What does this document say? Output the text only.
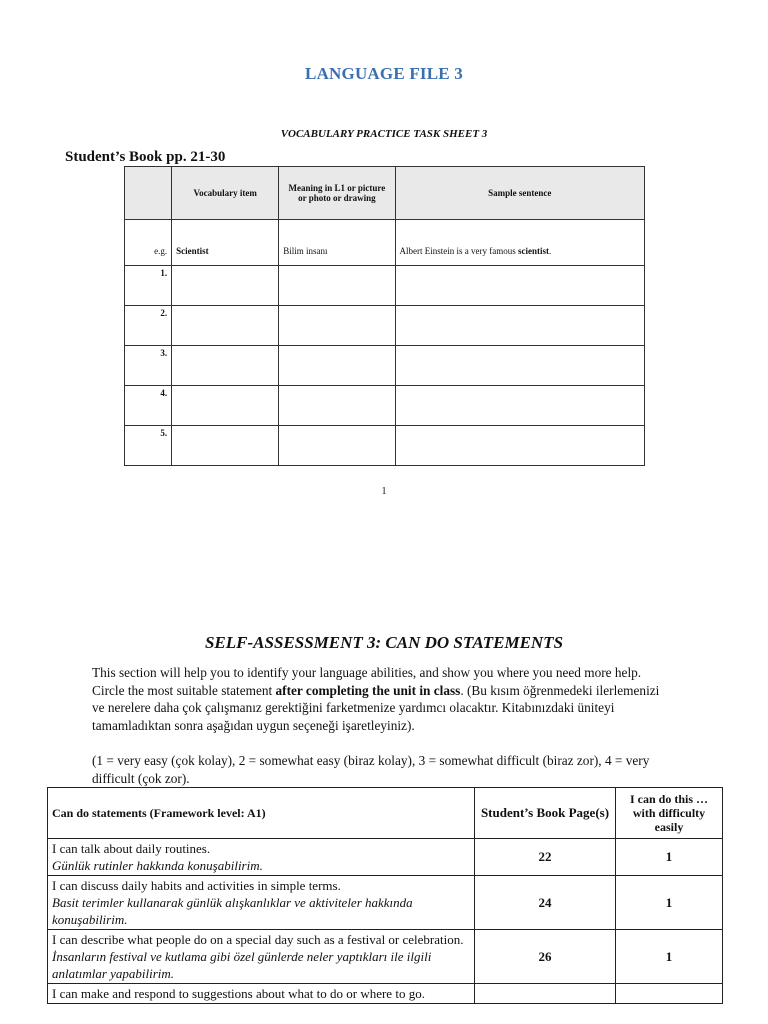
LANGUAGE FILE 3
VOCABULARY PRACTICE TASK SHEET 3
Student’s Book pp. 21-30
	Vocabulary item	Meaning in L1 or picture or photo or drawing	Sample sentence
e.g.	Scientist	Bilim insanı	Albert Einstein is a very famous scientist.
1.			
2.			
3.			
4.			
5.			
1
SELF-ASSESSMENT 3: CAN DO STATEMENTS
This section will help you to identify your language abilities, and show you where you need more help. Circle the most suitable statement after completing the unit in class. (Bu kısım öğrenmedeki ilerlemenizi ve nerelere daha çok çalışmanız gerektiğini farketmenize yardımcı olacaktır. Kitabınızdaki üniteyi tamamladıktan sonra aşağıdan uygun seçeneği işaretleyiniz).
(1 = very easy (çok kolay), 2 = somewhat easy (biraz kolay), 3 = somewhat difficult (biraz zor), 4 = very difficult (çok zor).
Can do statements (Framework level: A1)	Student’s Book Page(s)	I can do this … with difficulty easily

I can talk about daily routines.
Günlük rutinler hakkında konuşabilirim.	22	1

I can discuss daily habits and activities in simple terms.
Basit terimler kullanarak günlük alışkanlıklar ve aktiviteler hakkında konuşabilirim.	24	1

I can describe what people do on a special day such as a festival or celebration.
İnsanların festival ve kutlama gibi özel günlerde neler yaptıkları ile ilgili anlatımlar yapabilirim.	26	1

I can make and respond to suggestions about what to do or where to go.		
